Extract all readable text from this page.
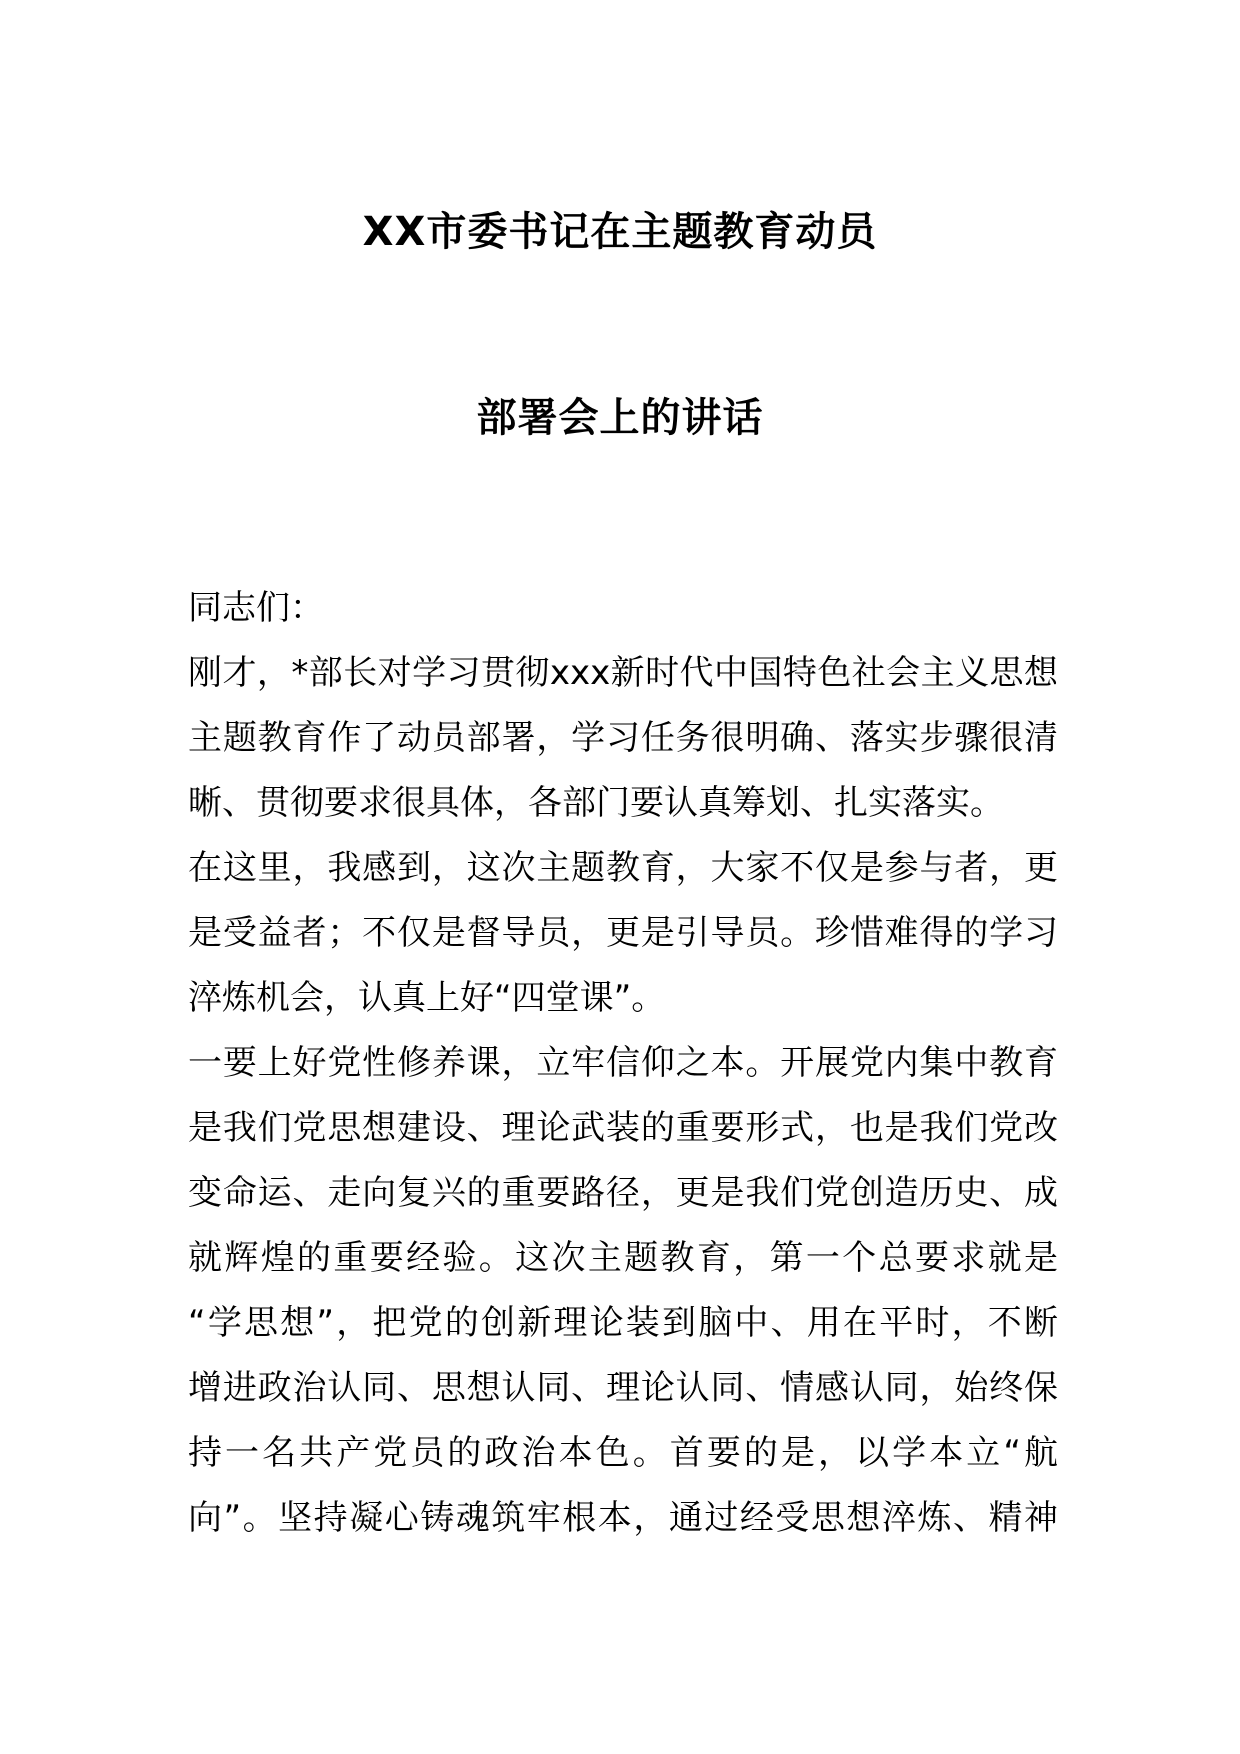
XX市委书记在主题教育动员
部署会上的讲话
同志们：
刚才，*部长对学习贯彻xxx新时代中国特色社会主义思想
主题教育作了动员部署，学习任务很明确、落实步骤很清
晰、贯彻要求很具体，各部门要认真筹划、扎实落实。
在这里，我感到，这次主题教育，大家不仅是参与者，更
是受益者；不仅是督导员，更是引导员。珍惜难得的学习
淬炼机会，认真上好“四堂课”。
一要上好党性修养课，立牢信仰之本。开展党内集中教育
是我们党思想建设、理论武装的重要形式，也是我们党改
变命运、走向复兴的重要路径，更是我们党创造历史、成
就辉煌的重要经验。这次主题教育，第一个总要求就是
“学思想”，把党的创新理论装到脑中、用在平时，不断
增进政治认同、思想认同、理论认同、情感认同，始终保
持一名共产党员的政治本色。首要的是，以学本立“航
向”。坚持凝心铸魂筑牢根本，通过经受思想淬炼、精神
